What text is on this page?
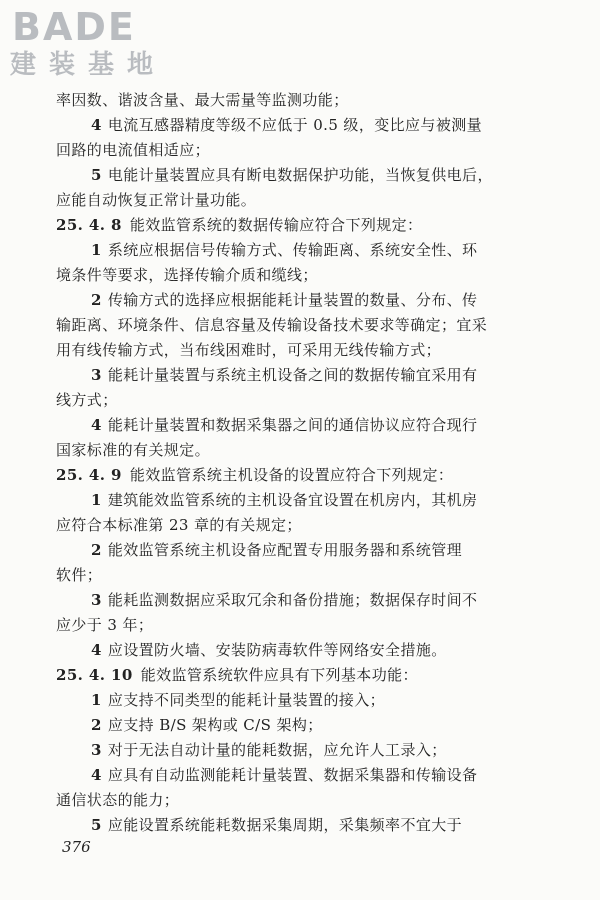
BADE
建装基地
率因数、谐波含量、最大需量等监测功能；
4 电流互感器精度等级不应低于 0.5 级，变比应与被测量
回路的电流值相适应；
5 电能计量装置应具有断电数据保护功能，当恢复供电后，
应能自动恢复正常计量功能。
25. 4. 8 能效监管系统的数据传输应符合下列规定：
1 系统应根据信号传输方式、传输距离、系统安全性、环
境条件等要求，选择传输介质和缆线；
2 传输方式的选择应根据能耗计量装置的数量、分布、传
输距离、环境条件、信息容量及传输设备技术要求等确定；宜采
用有线传输方式，当布线困难时，可采用无线传输方式；
3 能耗计量装置与系统主机设备之间的数据传输宜采用有
线方式；
4 能耗计量装置和数据采集器之间的通信协议应符合现行
国家标准的有关规定。
25. 4. 9 能效监管系统主机设备的设置应符合下列规定：
1 建筑能效监管系统的主机设备宜设置在机房内，其机房
应符合本标准第 23 章的有关规定；
2 能效监管系统主机设备应配置专用服务器和系统管理
软件；
3 能耗监测数据应采取冗余和备份措施；数据保存时间不
应少于 3 年；
4 应设置防火墙、安装防病毒软件等网络安全措施。
25. 4. 10 能效监管系统软件应具有下列基本功能：
1 应支持不同类型的能耗计量装置的接入；
2 应支持 B/S 架构或 C/S 架构；
3 对于无法自动计量的能耗数据，应允许人工录入；
4 应具有自动监测能耗计量装置、数据采集器和传输设备
通信状态的能力；
5 应能设置系统能耗数据采集周期，采集频率不宜大于
376
